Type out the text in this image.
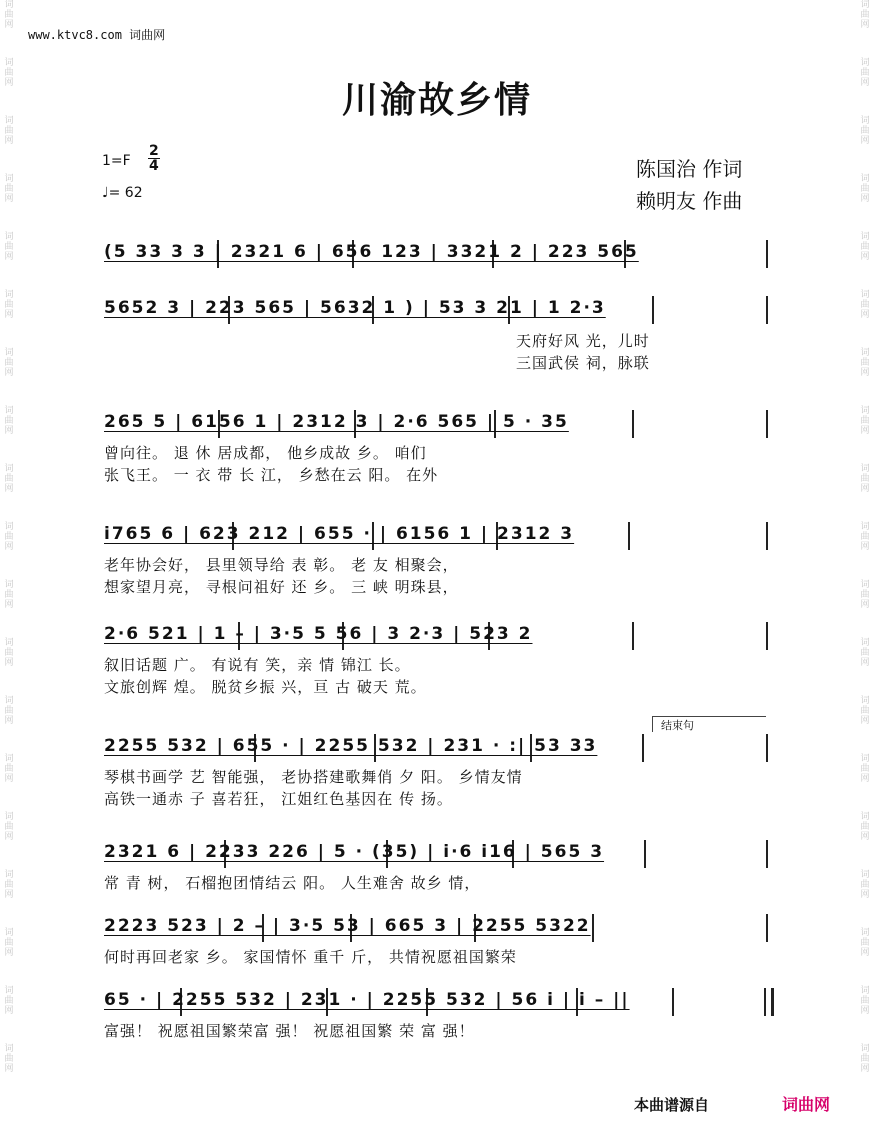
词曲网
词曲网
词曲网
词曲网
词曲网
词曲网
词曲网
词曲网
词曲网
词曲网
词曲网
词曲网
词曲网
词曲网
词曲网
词曲网
词曲网
词曲网
词曲网
词曲网
词曲网
词曲网
词曲网
词曲网
词曲网
词曲网
词曲网
词曲网
词曲网
词曲网
词曲网
词曲网
词曲网
词曲网
词曲网
词曲网
词曲网
词曲网
www.ktvc8.com 词曲网
川渝故乡情
$1=F \frac{2}{4}$
♩= 62
陈国治 作词
赖明友 作曲
(5 33 3 3 | 2321 6 | 656 123 | 3321 2 | 223 565
5652 3 | 223 565 | 5632 1 ) | 53 3 21 | 1 2·3
天府好风 光，儿时
三国武侯 祠，脉联
265 5 | 6156 1 | 2312 3 | 2·6 565 | 5 · 35
曾向往。 退 休 居成都， 他乡成故 乡。 咱们
张飞王。 一 衣 带 长 江， 乡愁在云 阳。 在外
i765 6 | 623 212 | 655 · | 6156 1 | 2312 3
老年协会好， 县里领导给 表 彰。 老 友 相聚会，
想家望月亮， 寻根问祖好 还 乡。 三 峡 明珠县，
2·6 521 | 1 – | 3·5 5 56 | 3 2·3 | 523 2
叙旧话题 广。 有说有 笑，亲 情 锦江 长。
文旅创辉 煌。 脱贫乡振 兴，亘 古 破天 荒。
结束句
2255 532 | 655 · | 2255 532 | 231 · :| 53 33
琴棋书画学 艺 智能强， 老协搭建歌舞俏 夕 阳。 乡情友情
高铁一通赤 子 喜若狂， 江姐红色基因在 传 扬。
2321 6 | 2233 226 | 5 · (35) | i·6 i16 | 565 3
常 青 树， 石榴抱团情结云 阳。 人生难舍 故乡 情，
2223 523 | 2 – | 3·5 53 | 665 3 | 2255 5322
何时再回老家 乡。 家国情怀 重千 斤， 共情祝愿祖国繁荣
65 · | 2255 532 | 231 · | 2255 532 | 56 i | i – ||
富强！ 祝愿祖国繁荣富 强！ 祝愿祖国繁 荣 富 强！
本曲谱源自	词曲网
